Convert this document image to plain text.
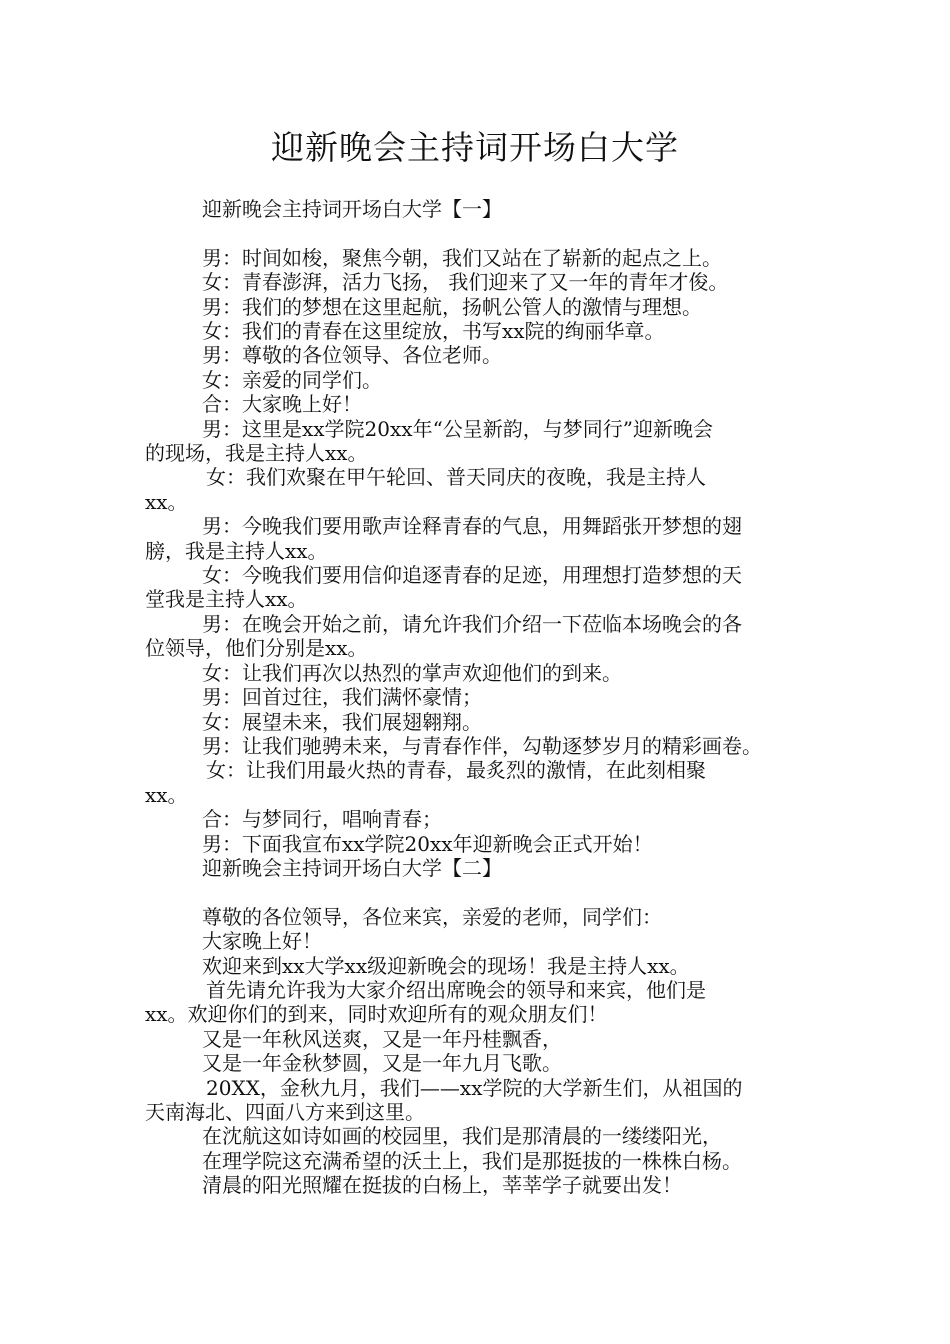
迎新晚会主持词开场白大学
迎新晚会主持词开场白大学【一】
男：时间如梭，聚焦今朝，我们又站在了崭新的起点之上。
女：青春澎湃，活力飞扬， 我们迎来了又一年的青年才俊。
男：我们的梦想在这里起航，扬帆公管人的激情与理想。
女：我们的青春在这里绽放，书写xx院的绚丽华章。
男：尊敬的各位领导、各位老师。
女：亲爱的同学们。
合：大家晚上好！
男：这里是xx学院20xx年“公呈新韵，与梦同行”迎新晚会
的现场，我是主持人xx。
女：我们欢聚在甲午轮回、普天同庆的夜晚，我是主持人
xx。
男：今晚我们要用歌声诠释青春的气息，用舞蹈张开梦想的翅
膀，我是主持人xx。
女：今晚我们要用信仰追逐青春的足迹，用理想打造梦想的天
堂我是主持人xx。
男：在晚会开始之前，请允许我们介绍一下莅临本场晚会的各
位领导，他们分别是xx。
女：让我们再次以热烈的掌声欢迎他们的到来。
男：回首过往，我们满怀豪情；
女：展望未来，我们展翅翱翔。
男：让我们驰骋未来，与青春作伴，勾勒逐梦岁月的精彩画卷。
女：让我们用最火热的青春，最炙烈的激情，在此刻相聚
xx。
合：与梦同行，唱响青春；
男：下面我宣布xx学院20xx年迎新晚会正式开始！
迎新晚会主持词开场白大学【二】
尊敬的各位领导，各位来宾，亲爱的老师，同学们：
大家晚上好！
欢迎来到xx大学xx级迎新晚会的现场！我是主持人xx。
首先请允许我为大家介绍出席晚会的领导和来宾，他们是
xx。欢迎你们的到来，同时欢迎所有的观众朋友们！
又是一年秋风送爽，又是一年丹桂飘香，
又是一年金秋梦圆，又是一年九月飞歌。
20XX，金秋九月，我们——xx学院的大学新生们，从祖国的
天南海北、四面八方来到这里。
在沈航这如诗如画的校园里，我们是那清晨的一缕缕阳光，
在理学院这充满希望的沃土上，我们是那挺拔的一株株白杨。
清晨的阳光照耀在挺拔的白杨上，莘莘学子就要出发！
